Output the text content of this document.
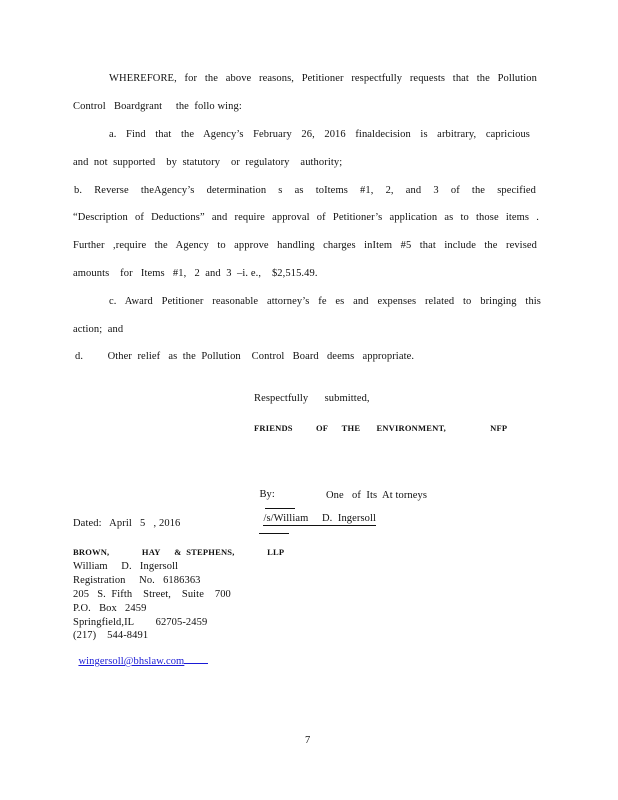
WHEREFORE, for the above reasons, Petitioner respectfully requests that the Pollution
Control   Boardgrant     the  follo wing:
a. Find that the Agency’s February 26, 2016 finaldecision is arbitrary, capricious
and  not  supported    by  statutory    or  regulatory    authority;
b. Reverse theAgency’s determination s as toItems #1, 2, and 3 of the specified
“Description of Deductions” and require approval of Petitioner’s application as to those items .
Further ,require the Agency to approve handling charges inItem #5 that include the revised
amounts    for   Items   #1,   2  and  3  –i. e.,    $2,515.49.
c. Award Petitioner reasonable attorney’s fe es and expenses related to bringing this
action;  and
d.         Other  relief   as  the  Pollution    Control   Board   deems   appropriate.
Respectfully      submitted,
FRIENDS          OF      THE       ENVIRONMENT,                   NFP

By:

/s/William     D.  Ingersoll

One   of  Its  At torneys
Dated:   April   5   , 2016
BROWN,              HAY      &  STEPHENS,              LLP
William     D.   Ingersoll
Registration     No.   6186363
205   S.  Fifth    Street,    Suite    700
P.O.   Box   2459
Springfield,IL        62705-2459
(217)    544-8491

wingersoll@bhslaw.com

7
